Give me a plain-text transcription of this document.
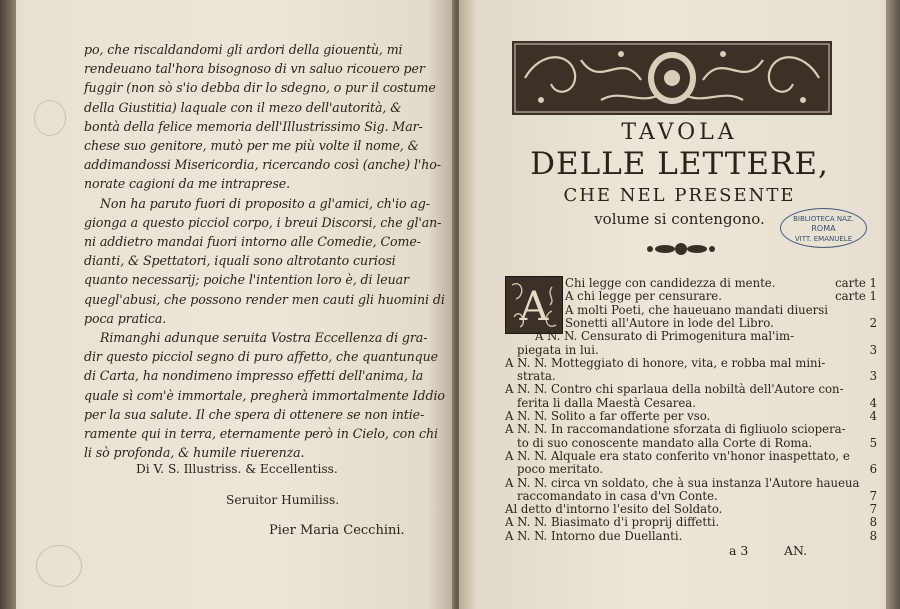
po, che riscaldandomi gli ardori della giouentù, mi
rendeuano tal'hora bisognoso di vn saluo ricouero per
fuggir (non sò s'io debba dir lo sdegno, o pur il costume
della Giustitia) laquale con il mezo dell'autorità, &
bontà della felice memoria dell'Illustrissimo Sig. Mar-
chese suo genitore, mutò per me più volte il nome, &
addimandossi Misericordia, ricercando così (anche) l'ho-
norate cagioni da me intraprese.
Non ha paruto fuori di proposito a gl'amici, ch'io ag-
gionga a questo picciol corpo, i breui Discorsi, che gl'an-
ni addietro mandai fuori intorno alle Comedie, Come-
dianti, & Spettatori, iquali sono altrotanto curiosi
quanto necessarij; poiche l'intention loro è, di leuar
quegl'abusi, che possono render men cauti gli huomini di
poca pratica.
Rimanghi adunque seruita Vostra Eccellenza di gra-
dir questo picciol segno di puro affetto, che quantunque
di Carta, ha nondimeno impresso effetti dell'anima, la
quale sì com'è immortale, pregherà immortalmente Iddio
per la sua salute. Il che spera di ottenere se non intie-
ramente qui in terra, eternamente però in Cielo, con chi
li sò profonda, & humile riuerenza.
Di V. S. Illustriss. & Eccellentiss.
Seruitor Humiliss.
Pier Maria Cecchini.
TAVOLA
DELLE LETTERE,
CHE NEL PRESENTE
volume si contengono.
A
BIBLIOTECA NAZ.
ROMA
VITT. EMANUELE
Chi legge con candidezza di mente.	carte 1
A chi legge per censurare.	carte 1
A molti Poeti, che haueuano mandati diuersi
Sonetti all'Autore in lode del Libro.	2
A N. N. Censurato di Primogenitura mal'im-
piegata in lui.	3
A N. N. Motteggiato di honore, vita, e robba mal mini-
strata.	3
A N. N. Contro chi sparlaua della nobiltà dell'Autore con-
ferita li dalla Maestà Cesarea.	4
A N. N. Solito a far offerte per vso.	4
A N. N. In raccomandatione sforzata di figliuolo scioperа-
to di suo conoscente mandato alla Corte di Roma.	5
A N. N. Alquale era stato conferito vn'honor inaspettato, e
poco meritato.	6
A N. N. circa vn soldato, che à sua instanza l'Autore haueua
raccomandato in casa d'vn Conte.	7
Al detto d'intorno l'esito del Soldato.	7
A N. N. Biasimato d'i proprij diffetti.	8
A N. N. Intorno due Duellanti.	8
a 3	AN.
